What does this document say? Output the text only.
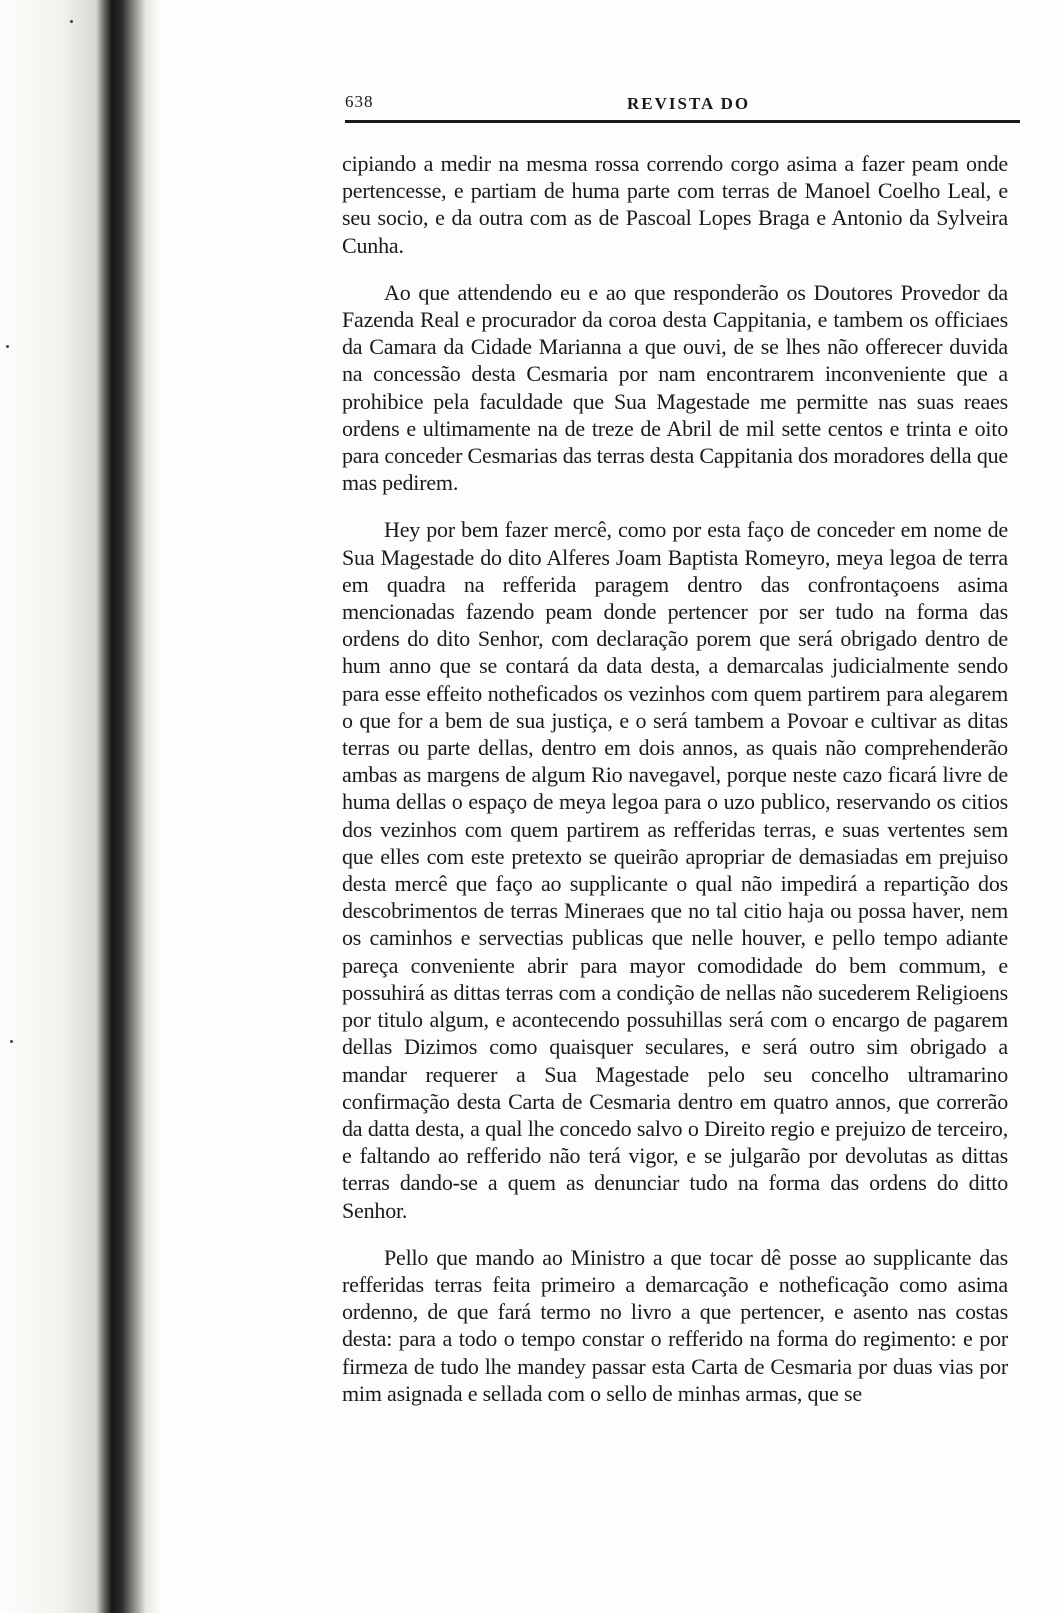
638	REVISTA DO

cipiando a medir na mesma rossa correndo corgo asima a fazer peam onde pertencesse, e partiam de huma parte com terras de Manoel Coelho Leal, e seu socio, e da outra com as de Pascoal Lopes Braga e Antonio da Sylveira Cunha.

Ao que attendendo eu e ao que responderão os Doutores Provedor da Fazenda Real e procurador da coroa desta Cappitania, e tambem os officiaes da Camara da Cidade Marianna a que ouvi, de se lhes não offerecer duvida na concessão desta Cesmaria por nam encontrarem inconveniente que a prohibice pela faculdade que Sua Magestade me permitte nas suas reaes ordens e ultimamente na de treze de Abril de mil sette centos e trinta e oito para conceder Cesmarias das terras desta Cappitania dos moradores della que mas pedirem.

Hey por bem fazer mercê, como por esta faço de conceder em nome de Sua Magestade do dito Alferes Joam Baptista Romeyro, meya legoa de terra em quadra na refferida paragem dentro das confrontaçoens asima mencionadas fazendo peam donde pertencer por ser tudo na forma das ordens do dito Senhor, com declaração porem que será obrigado dentro de hum anno que se contará da data desta, a demarcalas judicialmente sendo para esse effeito notheficados os vezinhos com quem partirem para alegarem o que for a bem de sua justiça, e o será tambem a Povoar e cultivar as ditas terras ou parte dellas, dentro em dois annos, as quais não comprehenderão ambas as margens de algum Rio navegavel, porque neste cazo ficará livre de huma dellas o espaço de meya legoa para o uzo publico, reservando os citios dos vezinhos com quem partirem as refferidas terras, e suas vertentes sem que elles com este pretexto se queirão apropriar de demasiadas em prejuiso desta mercê que faço ao supplicante o qual não impedirá a repartição dos descobrimentos de terras Mineraes que no tal citio haja ou possa haver, nem os caminhos e servectias publicas que nelle houver, e pello tempo adiante pareça conveniente abrir para mayor comodidade do bem commum, e possuhirá as dittas terras com a condição de nellas não sucederem Religioens por titulo algum, e acontecendo possuhillas será com o encargo de pagarem dellas Dizimos como quaisquer seculares, e será outro sim obrigado a mandar requerer a Sua Magestade pelo seu concelho ultramarino confirmação desta Carta de Cesmaria dentro em quatro annos, que correrão da datta desta, a qual lhe concedo salvo o Direito regio e prejuizo de terceiro, e faltando ao refferido não terá vigor, e se julgarão por devolutas as dittas terras dando-se a quem as denunciar tudo na forma das ordens do ditto Senhor.

Pello que mando ao Ministro a que tocar dê posse ao supplicante das refferidas terras feita primeiro a demarcação e notheficação como asima ordenno, de que fará termo no livro a que pertencer, e asento nas costas desta: para a todo o tempo constar o refferido na forma do regimento: e por firmeza de tudo lhe mandey passar esta Carta de Cesmaria por duas vias por mim asignada e sellada com o sello de minhas armas, que se
